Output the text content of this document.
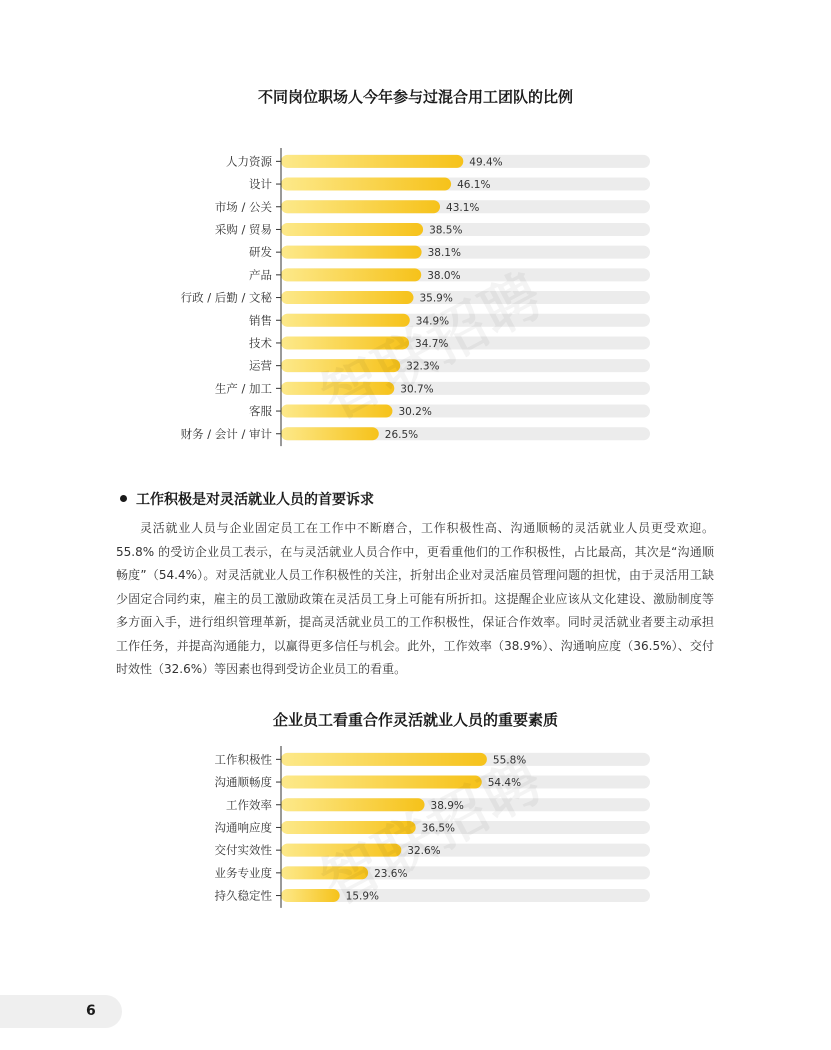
不同岗位职场人今年参与过混合用工团队的比例
人力资源	49.4%
设计	46.1%
市场 / 公关	43.1%
采购 / 贸易	38.5%
研发	38.1%
产品	38.0%
行政 / 后勤 / 文秘	35.9%
销售	34.9%
技术	34.7%
运营	32.3%
生产 / 加工	30.7%
客服	30.2%
财务 / 会计 / 审计	26.5%
工作积极是对灵活就业人员的首要诉求

灵活就业人员与企业固定员工在工作中不断磨合，工作积极性高、沟通顺畅的灵活就业人员更受欢迎。55.8% 的受访企业员工表示，在与灵活就业人员合作中，更看重他们的工作积极性，占比最高，其次是“沟通顺畅度”（54.4%）。对灵活就业人员工作积极性的关注，折射出企业对灵活雇员管理问题的担忧，由于灵活用工缺少固定合同约束，雇主的员工激励政策在灵活员工身上可能有所折扣。这提醒企业应该从文化建设、激励制度等多方面入手，进行组织管理革新，提高灵活就业员工的工作积极性，保证合作效率。同时灵活就业者要主动承担工作任务，并提高沟通能力，以赢得更多信任与机会。此外，工作效率（38.9%）、沟通响应度（36.5%）、交付时效性（32.6%）等因素也得到受访企业员工的看重。

企业员工看重合作灵活就业人员的重要素质
工作积极性	55.8%
沟通顺畅度	54.4%
工作效率	38.9%
沟通响应度	36.5%
交付实效性	32.6%
业务专业度	23.6%
持久稳定性	15.9%
6
